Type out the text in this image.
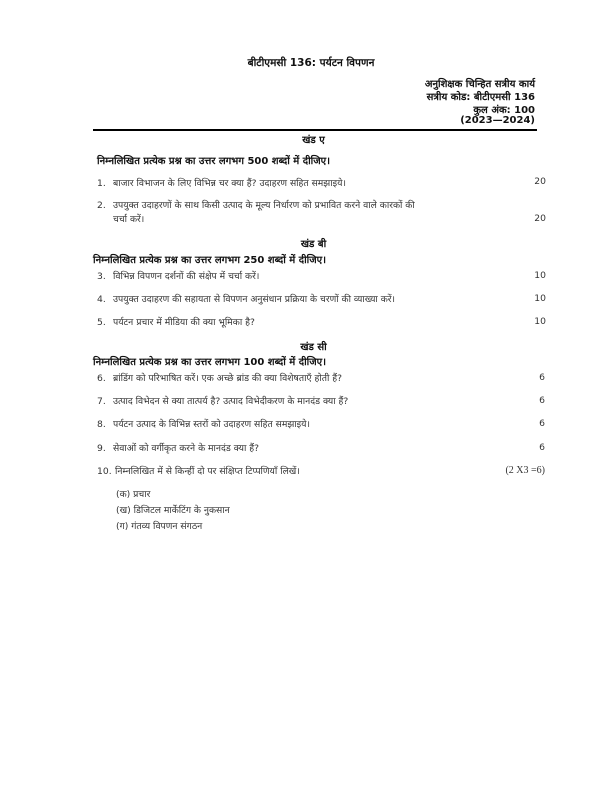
बीटीएमसी 136: पर्यटन विपणन
अनुशिक्षक चिन्हित सत्रीय कार्य
सत्रीय कोड: बीटीएमसी 136
कुल अंक: 100
(2023—2024)
खंड ए
निम्नलिखित प्रत्येक प्रश्न का उत्तर लगभग 500 शब्दों में दीजिए।
1. बाजार विभाजन के लिए विभिन्न चर क्या हैं? उदाहरण सहित समझाइये।	20
2. उपयुक्त उदाहरणों के साथ किसी उत्पाद के मूल्य निर्धारण को प्रभावित करने वाले कारकों की
चर्चा करें।	20
खंड बी
निम्नलिखित प्रत्येक प्रश्न का उत्तर लगभग 250 शब्दों में दीजिए।
3. विभिन्न विपणन दर्शनों की संक्षेप में चर्चा करें।	10
4. उपयुक्त उदाहरण की सहायता से विपणन अनुसंधान प्रक्रिया के चरणों की व्याख्या करें।	10
5. पर्यटन प्रचार में मीडिया की क्या भूमिका है?	10
खंड सी
निम्नलिखित प्रत्येक प्रश्न का उत्तर लगभग 100 शब्दों में दीजिए।
6. ब्रांडिंग को परिभाषित करें। एक अच्छे ब्रांड की क्या विशेषताएँ होती हैं?	6
7. उत्पाद विभेदन से क्या तात्पर्य है? उत्पाद विभेदीकरण के मानदंड क्या हैं?	6
8. पर्यटन उत्पाद के विभिन्न स्तरों को उदाहरण सहित समझाइये।	6
9. सेवाओं को वर्गीकृत करने के मानदंड क्या हैं?	6
10. निम्नलिखित में से किन्हीं दो पर संक्षिप्त टिप्पणियाँ लिखें।	(2 X3 =6)
(क) प्रचार
(ख) डिजिटल मार्केटिंग के नुकसान
(ग) गंतव्य विपणन संगठन
